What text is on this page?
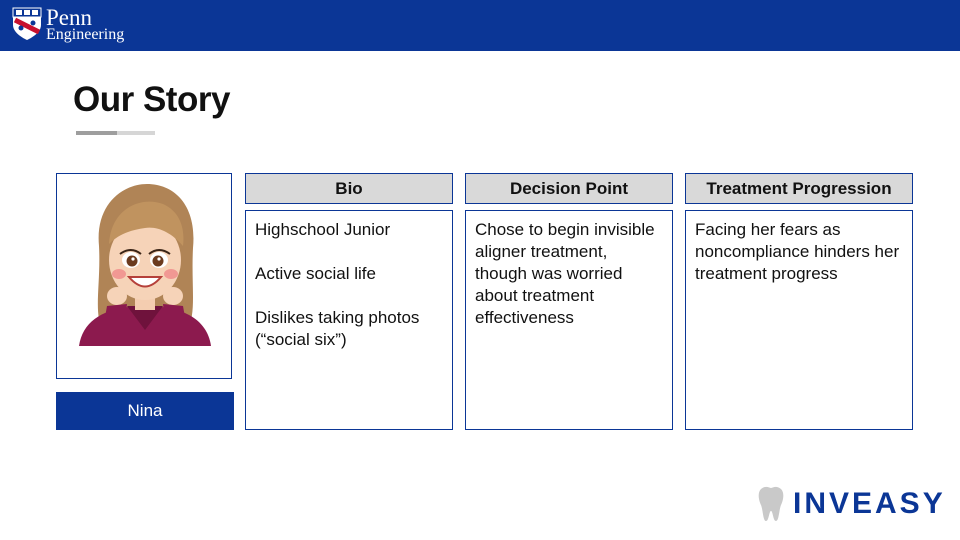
Penn
Engineering
Our Story
Nina
Bio

Highschool Junior

Active social life

Dislikes taking photos (“social six”)

Decision Point

Chose to begin invisible aligner treatment, though was worried about treatment effectiveness

Treatment Progression

Facing her fears as noncompliance hinders her treatment progress

INVEASY
